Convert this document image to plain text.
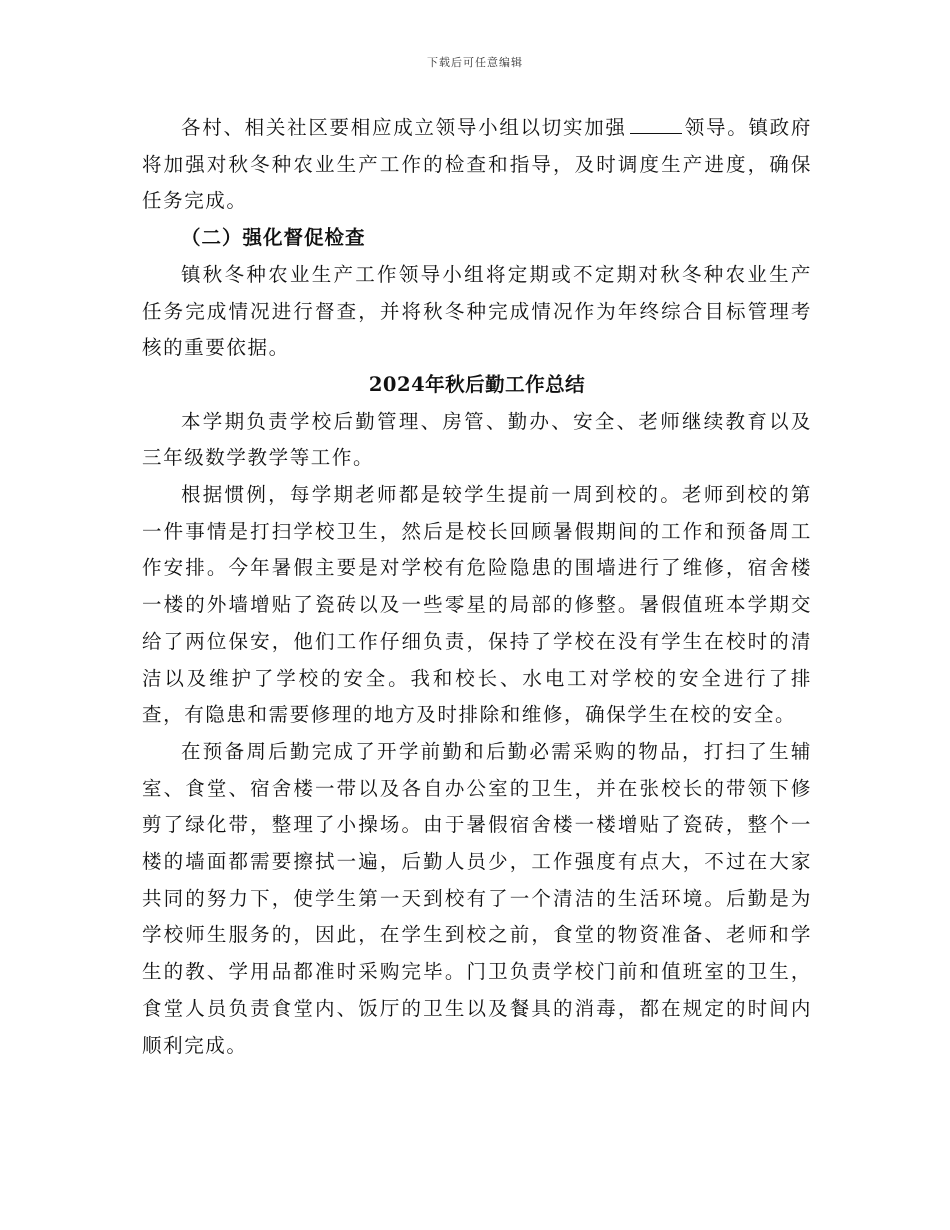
下载后可任意编辑

各村、相关社区要相应成立领导小组以切实加强	领导。镇政府将加强对秋冬种农业生产工作的检查和指导，及时调度生产进度，确保任务完成。

（二）强化督促检查

镇秋冬种农业生产工作领导小组将定期或不定期对秋冬种农业生产任务完成情况进行督查，并将秋冬种完成情况作为年终综合目标管理考核的重要依据。

2024年秋后勤工作总结

本学期负责学校后勤管理、房管、勤办、安全、老师继续教育以及三年级数学教学等工作。

根据惯例，每学期老师都是较学生提前一周到校的。老师到校的第一件事情是打扫学校卫生，然后是校长回顾暑假期间的工作和预备周工作安排。今年暑假主要是对学校有危险隐患的围墙进行了维修，宿舍楼一楼的外墙增贴了瓷砖以及一些零星的局部的修整。暑假值班本学期交给了两位保安，他们工作仔细负责，保持了学校在没有学生在校时的清洁以及维护了学校的安全。我和校长、水电工对学校的安全进行了排查，有隐患和需要修理的地方及时排除和维修，确保学生在校的安全。

在预备周后勤完成了开学前勤和后勤必需采购的物品，打扫了生辅室、食堂、宿舍楼一带以及各自办公室的卫生，并在张校长的带领下修剪了绿化带，整理了小操场。由于暑假宿舍楼一楼增贴了瓷砖，整个一楼的墙面都需要擦拭一遍，后勤人员少，工作强度有点大，不过在大家共同的努力下，使学生第一天到校有了一个清洁的生活环境。后勤是为学校师生服务的，因此，在学生到校之前，食堂的物资准备、老师和学生的教、学用品都准时采购完毕。门卫负责学校门前和值班室的卫生，食堂人员负责食堂内、饭厅的卫生以及餐具的消毒，都在规定的时间内顺利完成。
